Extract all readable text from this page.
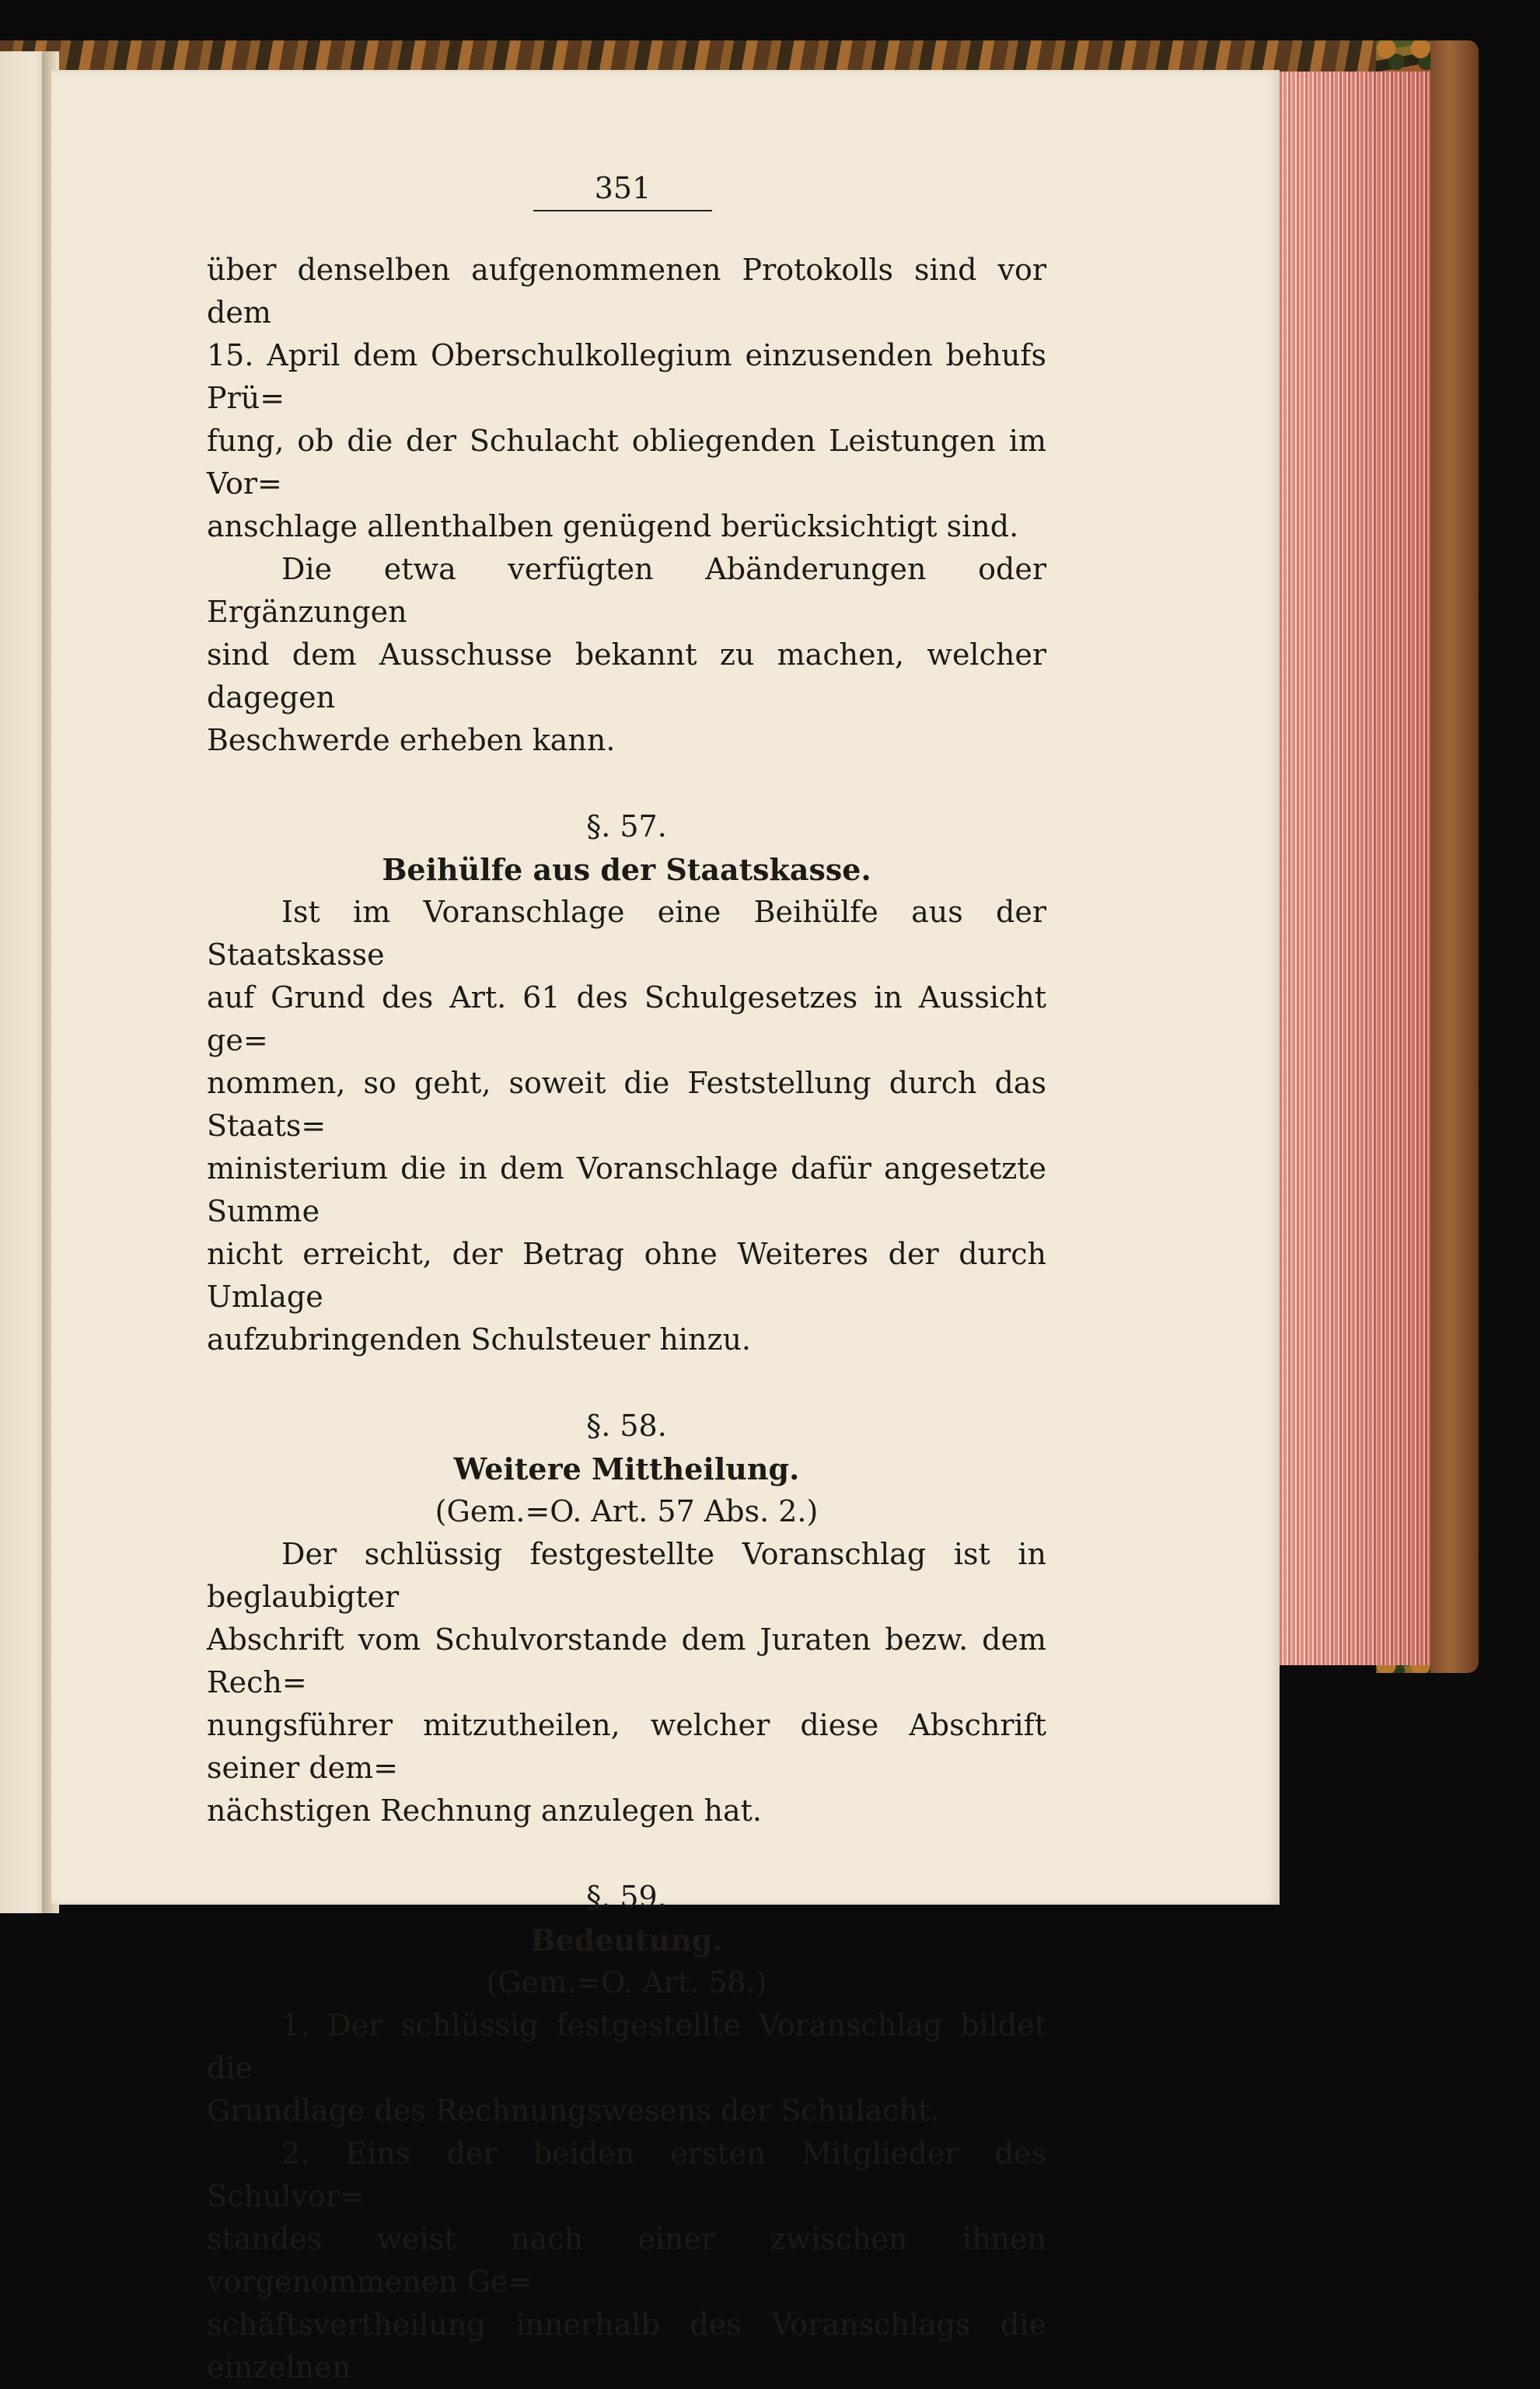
351

über denselben aufgenommenen Protokolls sind vor dem

15. April dem Oberschulkollegium einzusenden behufs Prü=

fung, ob die der Schulacht obliegenden Leistungen im Vor=

anschlage allenthalben genügend berücksichtigt sind.

Die etwa verfügten Abänderungen oder Ergänzungen

sind dem Ausschusse bekannt zu machen, welcher dagegen

Beschwerde erheben kann.

§. 57.

Beihülfe aus der Staatskasse.

Ist im Voranschlage eine Beihülfe aus der Staatskasse

auf Grund des Art. 61 des Schulgesetzes in Aussicht ge=

nommen, so geht, soweit die Feststellung durch das Staats=

ministerium die in dem Voranschlage dafür angesetzte Summe

nicht erreicht, der Betrag ohne Weiteres der durch Umlage

aufzubringenden Schulsteuer hinzu.

§. 58.

Weitere Mittheilung.

(Gem.=O. Art. 57 Abs. 2.)

Der schlüssig festgestellte Voranschlag ist in beglaubigter

Abschrift vom Schulvorstande dem Juraten bezw. dem Rech=

nungsführer mitzutheilen, welcher diese Abschrift seiner dem=

nächstigen Rechnung anzulegen hat.

§. 59.

Bedeutung.

(Gem.=O. Art. 58.)

1. Der schlüssig festgestellte Voranschlag bildet die

Grundlage des Rechnungswesens der Schulacht.

2. Eins der beiden ersten Mitglieder des Schulvor=

standes weist nach einer zwischen ihnen vorgenommenen Ge=

schäftsvertheilung innerhalb des Voranschlags die einzelnen
